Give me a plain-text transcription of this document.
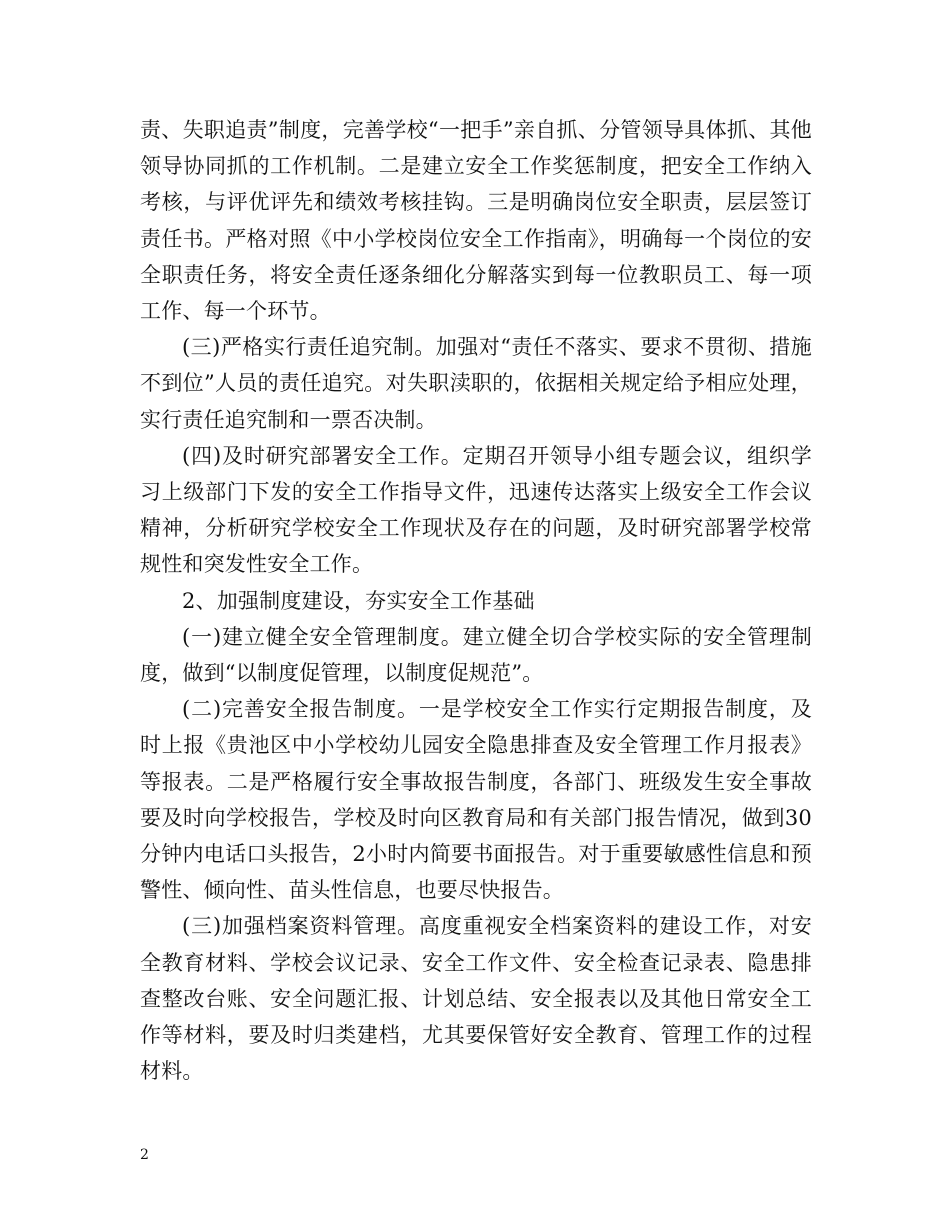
责、失职追责”制度，完善学校“一把手”亲自抓、分管领导具体抓、其他领导协同抓的工作机制。二是建立安全工作奖惩制度，把安全工作纳入考核，与评优评先和绩效考核挂钩。三是明确岗位安全职责，层层签订责任书。严格对照《中小学校岗位安全工作指南》，明确每一个岗位的安全职责任务，将安全责任逐条细化分解落实到每一位教职员工、每一项工作、每一个环节。

(三)严格实行责任追究制。加强对“责任不落实、要求不贯彻、措施不到位”人员的责任追究。对失职渎职的，依据相关规定给予相应处理，实行责任追究制和一票否决制。

(四)及时研究部署安全工作。定期召开领导小组专题会议，组织学习上级部门下发的安全工作指导文件，迅速传达落实上级安全工作会议精神，分析研究学校安全工作现状及存在的问题，及时研究部署学校常规性和突发性安全工作。

2、加强制度建设，夯实安全工作基础

(一)建立健全安全管理制度。建立健全切合学校实际的安全管理制度，做到“以制度促管理，以制度促规范”。

(二)完善安全报告制度。一是学校安全工作实行定期报告制度，及时上报《贵池区中小学校幼儿园安全隐患排查及安全管理工作月报表》等报表。二是严格履行安全事故报告制度，各部门、班级发生安全事故要及时向学校报告，学校及时向区教育局和有关部门报告情况，做到30分钟内电话口头报告，2小时内简要书面报告。对于重要敏感性信息和预警性、倾向性、苗头性信息，也要尽快报告。

(三)加强档案资料管理。高度重视安全档案资料的建设工作，对安全教育材料、学校会议记录、安全工作文件、安全检查记录表、隐患排查整改台账、安全问题汇报、计划总结、安全报表以及其他日常安全工作等材料，要及时归类建档，尤其要保管好安全教育、管理工作的过程材料。

2
